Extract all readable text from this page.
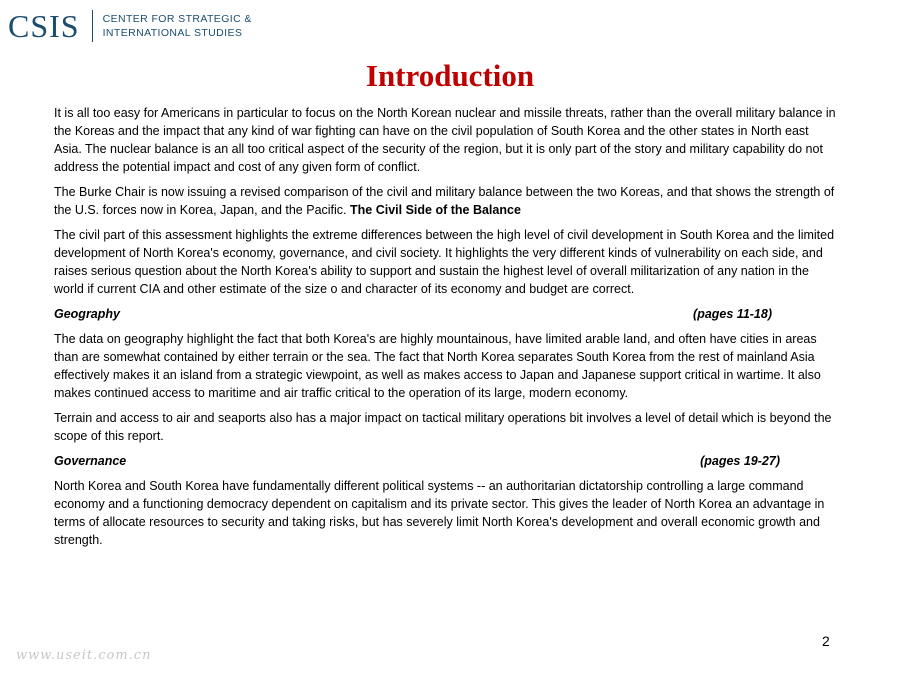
CSIS CENTER FOR STRATEGIC &
INTERNATIONAL STUDIES
Introduction

It is all too easy for Americans in particular to focus on the North Korean nuclear and missile threats, rather than the overall military balance in the Koreas and the impact that any kind of war fighting can have on the civil population of South Korea and the other states in North east Asia. The nuclear balance is an all too critical aspect of the security of the region, but it is only part of the story and military capability do not address the potential impact and cost of any given form of conflict.

The Burke Chair is now issuing a revised comparison of the civil and military balance between the two Koreas, and that shows the strength of the U.S. forces now in Korea, Japan, and the Pacific. The Civil Side of the Balance

The civil part of this assessment highlights the extreme differences between the high level of civil development in South Korea and the limited development of North Korea's economy, governance, and civil society. It highlights the very different kinds of vulnerability on each side, and raises serious question about the North Korea's ability to support and sustain the highest level of overall militarization of any nation in the world if current CIA and other estimate of the size o and character of its economy and budget are correct.

Geography	(pages 11-18)

The data on geography highlight the fact that both Korea's are highly mountainous, have limited arable land, and often have cities in areas than are somewhat contained by either terrain or the sea. The fact that North Korea separates South Korea from the rest of mainland Asia effectively makes it an island from a strategic viewpoint, as well as makes access to Japan and Japanese support critical in wartime. It also makes continued access to maritime and air traffic critical to the operation of its large, modern economy.

Terrain and access to air and seaports also has a major impact on tactical military operations bit involves a level of detail which is beyond the scope of this report.

Governance	(pages 19-27)

North Korea and South Korea have fundamentally different political systems -- an authoritarian dictatorship controlling a large command economy and a functioning democracy dependent on capitalism and its private sector. This gives the leader of North Korea an advantage in terms of allocate resources to security and taking risks, but has severely limit North Korea's development and overall economic growth and strength.

2
www.useit.com.cn
